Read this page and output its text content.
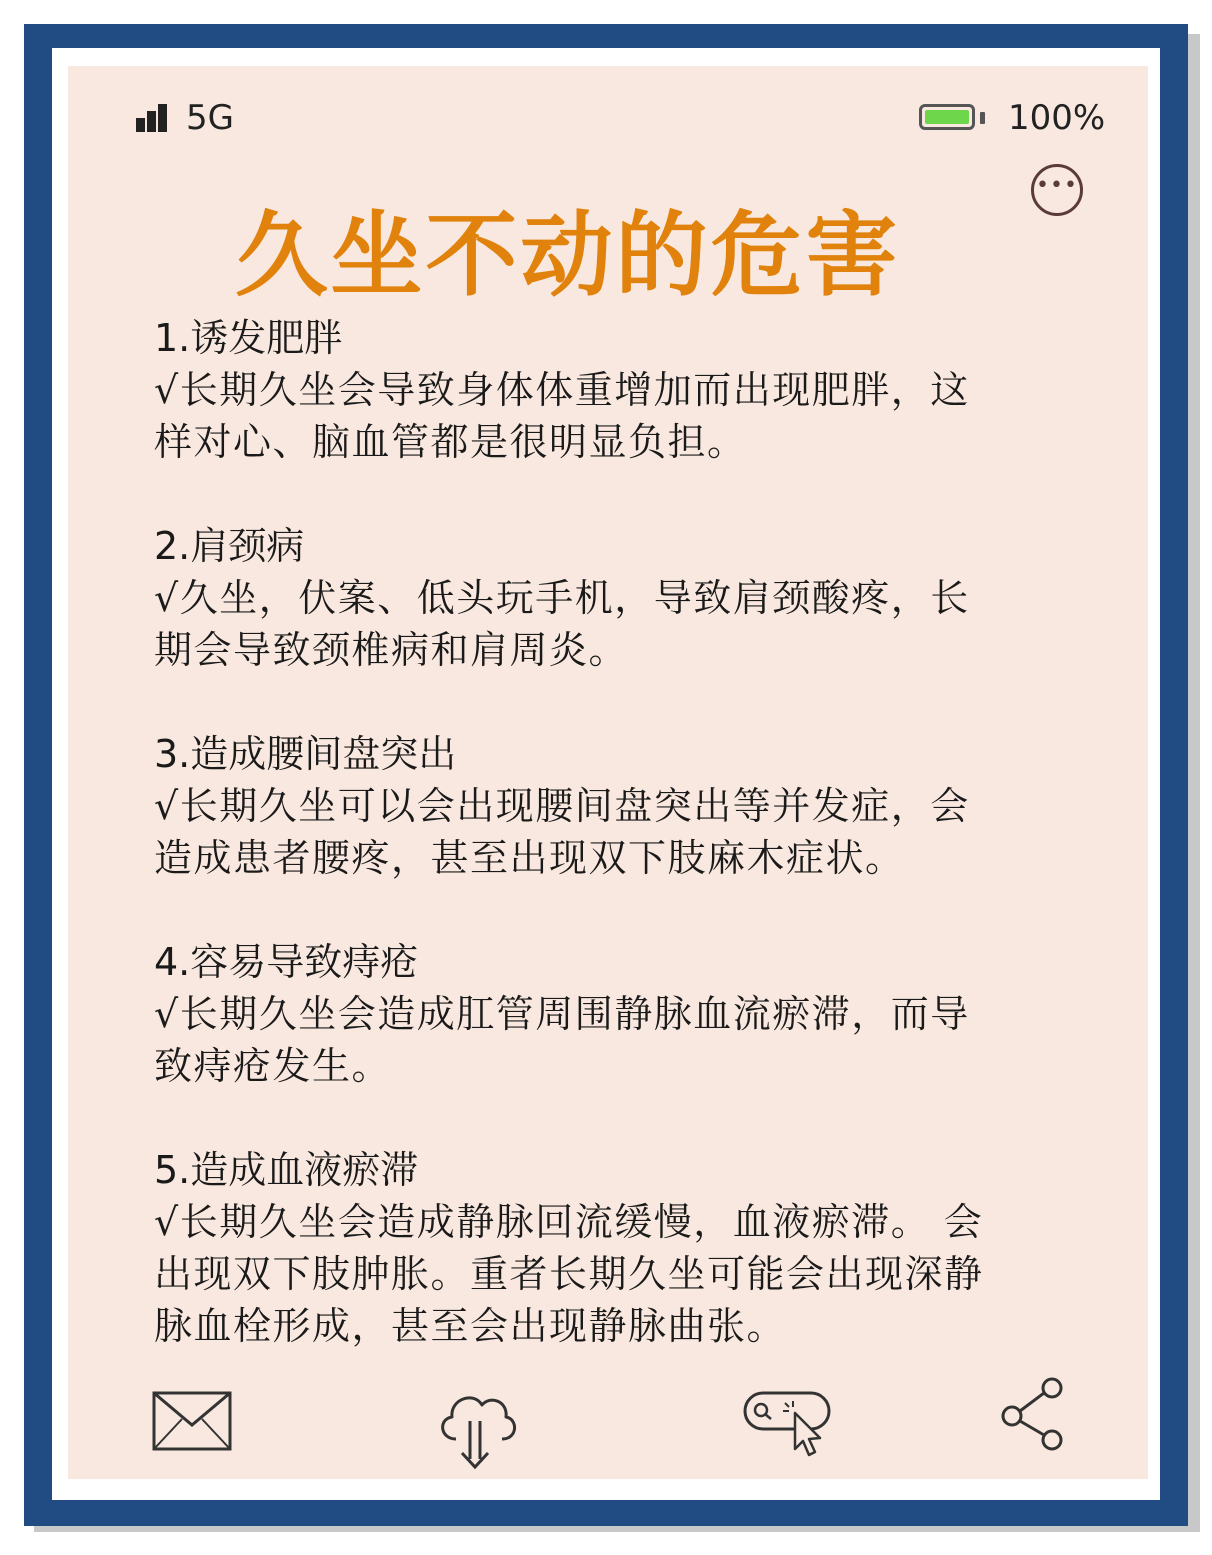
5G	100%
•••
久坐不动的危害
1.诱发肥胖
√长期久坐会导致身体体重增加而出现肥胖，这
样对心、脑血管都是很明显负担。
2.肩颈病
√久坐，伏案、低头玩手机，导致肩颈酸疼，长
期会导致颈椎病和肩周炎。
3.造成腰间盘突出
√长期久坐可以会出现腰间盘突出等并发症，会
造成患者腰疼，甚至出现双下肢麻木症状。
4.容易导致痔疮
√长期久坐会造成肛管周围静脉血流瘀滞，而导
致痔疮发生。
5.造成血液瘀滞
√长期久坐会造成静脉回流缓慢，血液瘀滞。 会
出现双下肢肿胀。重者长期久坐可能会出现深静
脉血栓形成，甚至会出现静脉曲张。
